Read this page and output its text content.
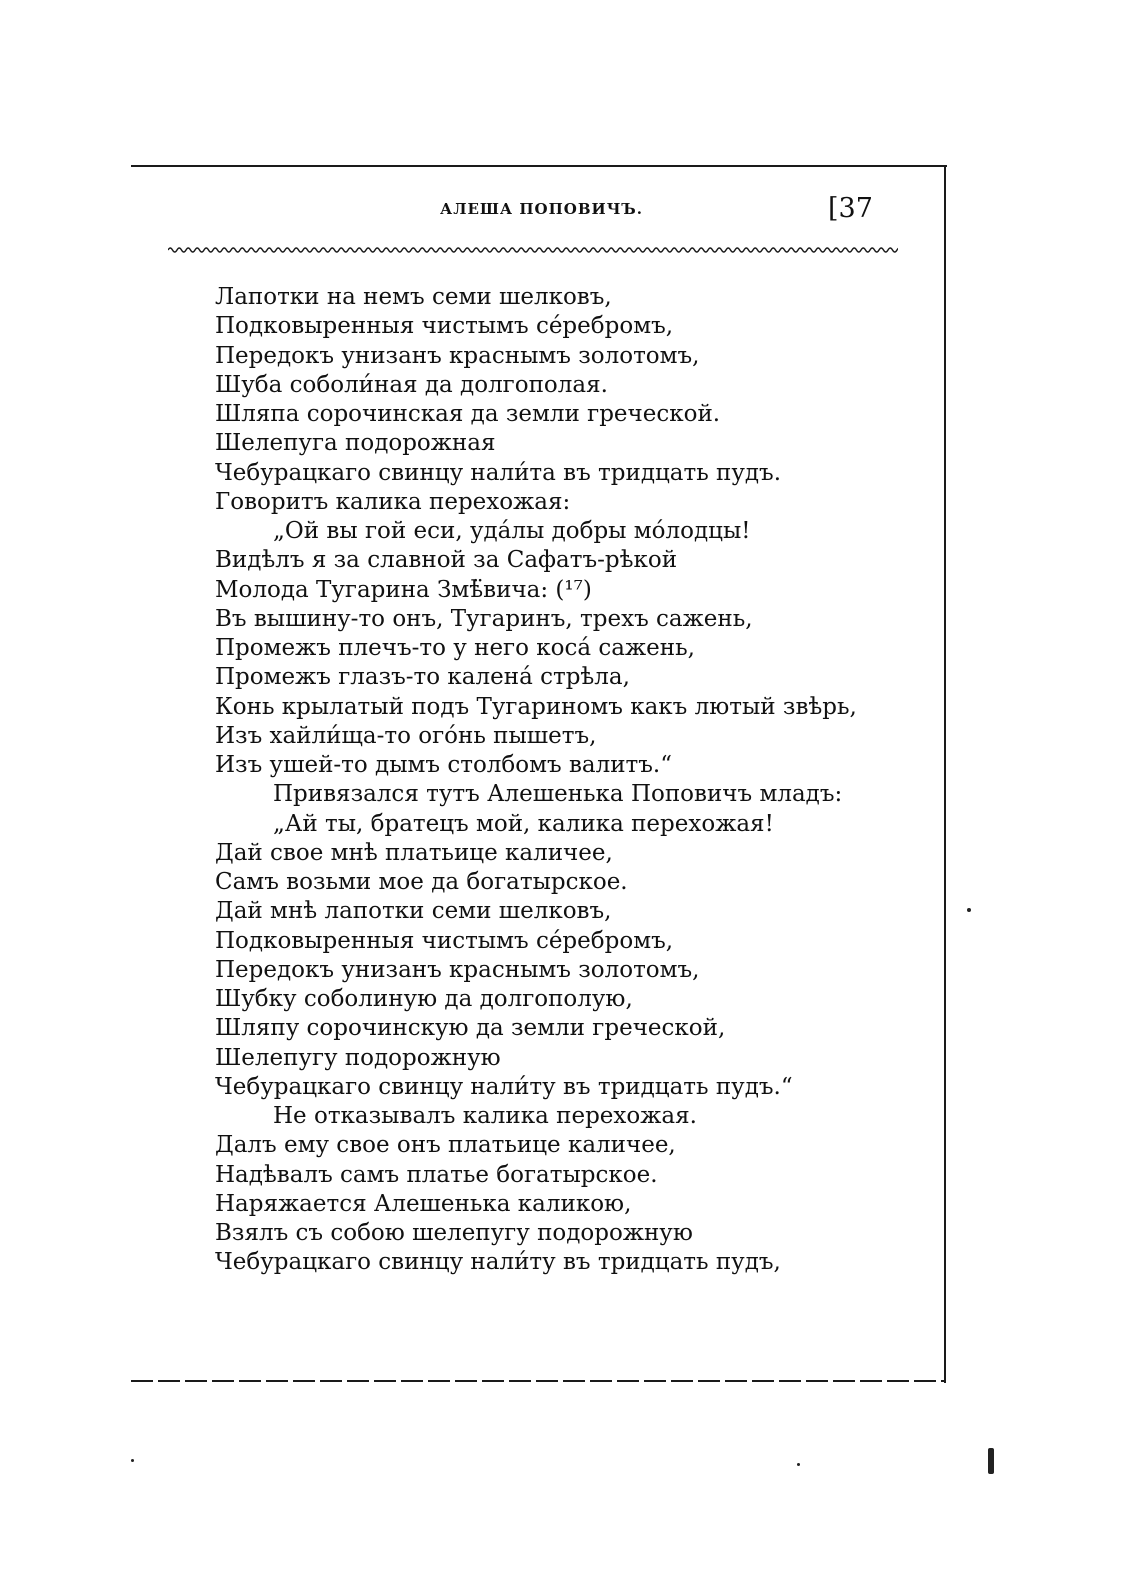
АЛЕША ПОПОВИЧЪ.	[37
Лапотки на немъ семи шелковъ,
Подковыренныя чистымъ сéребромъ,
Передокъ унизанъ краснымъ золотомъ,
Шуба соболи́ная да долгополая.
Шляпа сорочинская да земли греческой.
Шелепуга подорожная
Чебурацкаго свинцу нали́та въ тридцать пудъ.
Говоритъ калика перехожая:
„Ой вы гой еси, уда́лы добры мо́лодцы!
Видѣлъ я за славной за Сафатъ-рѣкой
Молода Тугарина Змѣ̈вича: (¹⁷)
Въ вышину-то онъ, Тугаринъ, трехъ сажень,
Промежъ плечъ-то у него коса́ сажень,
Промежъ глазъ-то калена́ стрѣла,
Конь крылатый подъ Тугариномъ какъ лютый звѣрь,
Изъ хайли́ща-то ого́нь пышетъ,
Изъ ушей-то дымъ столбомъ валитъ.“
Привязался тутъ Алешенька Поповичъ младъ:
„Ай ты, братецъ мой, калика перехожая!
Дай свое мнѣ платьице каличее,
Самъ возьми мое да богатырское.
Дай мнѣ лапотки семи шелковъ,
Подковыренныя чистымъ сéребромъ,
Передокъ унизанъ краснымъ золотомъ,
Шубку соболиную да долгополую,
Шляпу сорочинскую да земли греческой,
Шелепугу подорожную
Чебурацкаго свинцу нали́ту въ тридцать пудъ.“
Не отказывалъ калика перехожая.
Далъ ему свое онъ платьице каличее,
Надѣвалъ самъ платье богатырское.
Наряжается Алешенька каликою,
Взялъ съ собою шелепугу подорожную
Чебурацкаго свинцу нали́ту въ тридцать пудъ,
